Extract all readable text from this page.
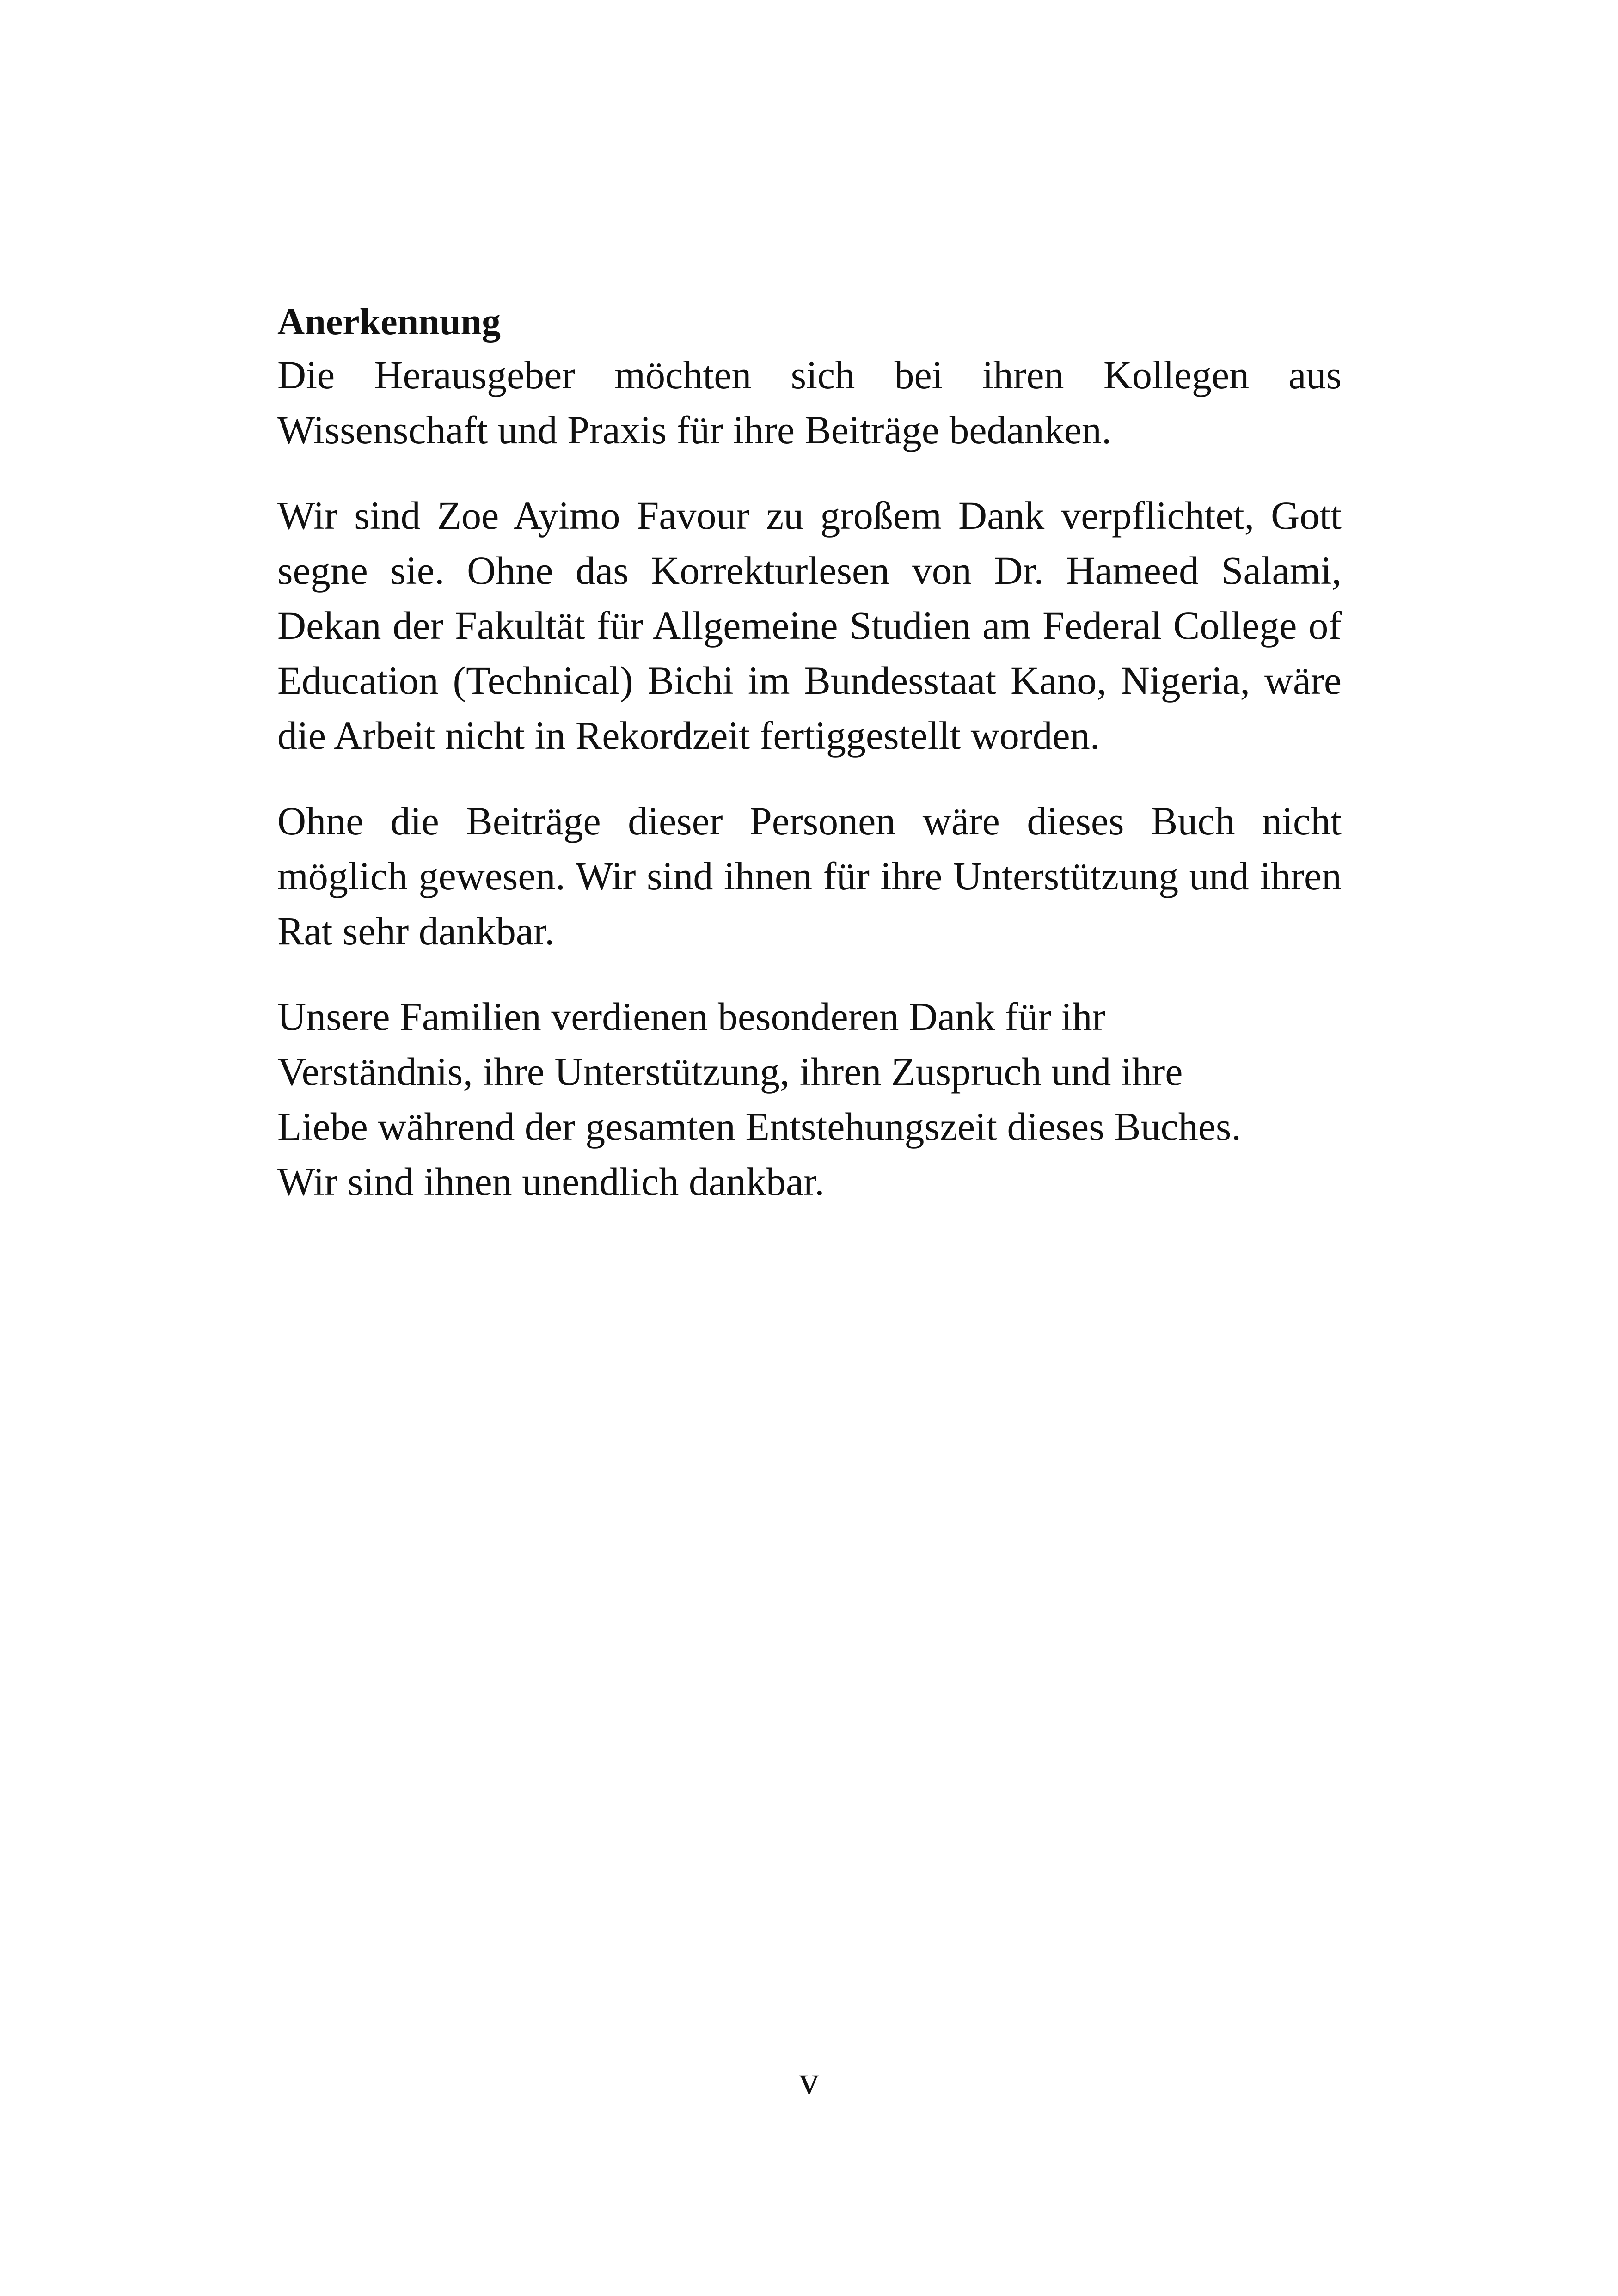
Anerkennung

Die Herausgeber möchten sich bei ihren Kollegen aus Wissenschaft und Praxis für ihre Beiträge bedanken.

Wir sind Zoe Ayimo Favour zu großem Dank verpflichtet, Gott segne sie. Ohne das Korrekturlesen von Dr. Hameed Salami, Dekan der Fakultät für Allgemeine Studien am Federal College of Education (Technical) Bichi im Bundesstaat Kano, Nigeria, wäre die Arbeit nicht in Rekordzeit fertiggestellt worden.

Ohne die Beiträge dieser Personen wäre dieses Buch nicht möglich gewesen. Wir sind ihnen für ihre Unterstützung und ihren Rat sehr dankbar.

Unsere Familien verdienen besonderen Dank für ihr
Verständnis, ihre Unterstützung, ihren Zuspruch und ihre
Liebe während der gesamten Entstehungszeit dieses Buches.
Wir sind ihnen unendlich dankbar.

v
